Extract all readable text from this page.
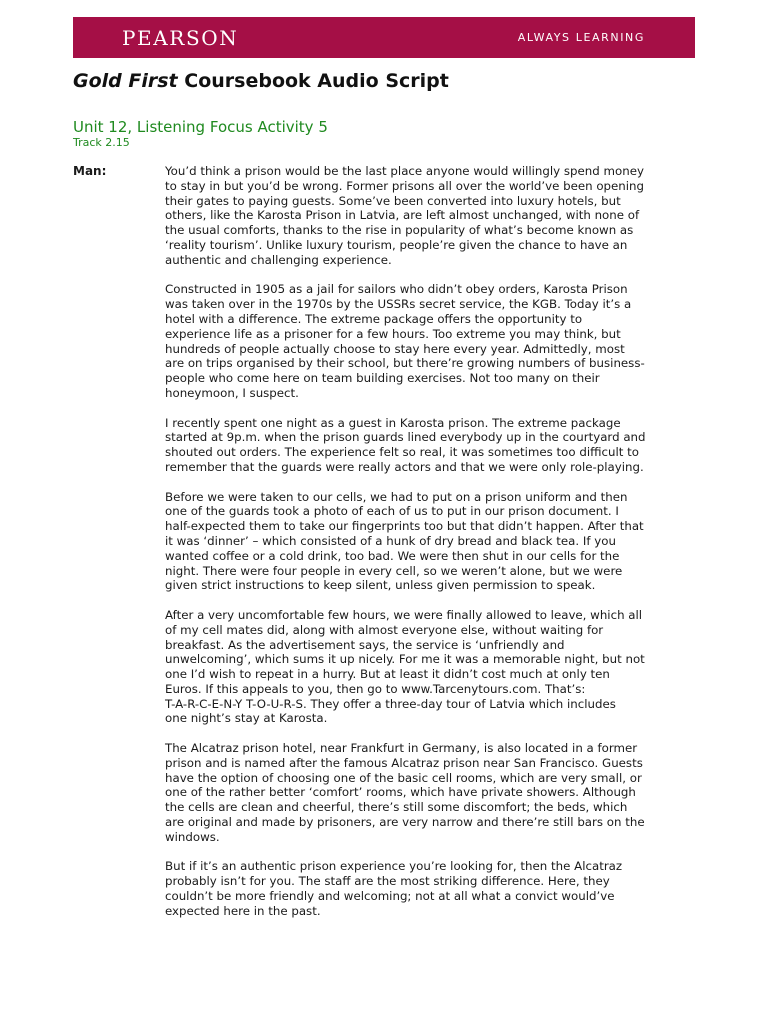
PEARSON	ALWAYS LEARNING
Gold First Coursebook Audio Script
Unit 12, Listening Focus Activity 5
Track 2.15
Man:	You’d think a prison would be the last place anyone would willingly spend money
to stay in but you’d be wrong. Former prisons all over the world’ve been opening
their gates to paying guests. Some’ve been converted into luxury hotels, but
others, like the Karosta Prison in Latvia, are left almost unchanged, with none of
the usual comforts, thanks to the rise in popularity of what’s become known as
‘reality tourism’. Unlike luxury tourism, people’re given the chance to have an
authentic and challenging experience.

Constructed in 1905 as a jail for sailors who didn’t obey orders, Karosta Prison
was taken over in the 1970s by the USSRs secret service, the KGB. Today it’s a
hotel with a difference. The extreme package offers the opportunity to
experience life as a prisoner for a few hours. Too extreme you may think, but
hundreds of people actually choose to stay here every year. Admittedly, most
are on trips organised by their school, but there’re growing numbers of business-
people who come here on team building exercises. Not too many on their
honeymoon, I suspect.

I recently spent one night as a guest in Karosta prison. The extreme package
started at 9p.m. when the prison guards lined everybody up in the courtyard and
shouted out orders. The experience felt so real, it was sometimes too difficult to
remember that the guards were really actors and that we were only role-playing.

Before we were taken to our cells, we had to put on a prison uniform and then
one of the guards took a photo of each of us to put in our prison document. I
half-expected them to take our fingerprints too but that didn’t happen. After that
it was ‘dinner’ – which consisted of a hunk of dry bread and black tea. If you
wanted coffee or a cold drink, too bad. We were then shut in our cells for the
night. There were four people in every cell, so we weren’t alone, but we were
given strict instructions to keep silent, unless given permission to speak.

After a very uncomfortable few hours, we were finally allowed to leave, which all
of my cell mates did, along with almost everyone else, without waiting for
breakfast. As the advertisement says, the service is ‘unfriendly and
unwelcoming’, which sums it up nicely. For me it was a memorable night, but not
one I’d wish to repeat in a hurry. But at least it didn’t cost much at only ten
Euros. If this appeals to you, then go to www.Tarcenytours.com. That’s:
T-A-R-C-E-N-Y T-O-U-R-S. They offer a three-day tour of Latvia which includes
one night’s stay at Karosta.

The Alcatraz prison hotel, near Frankfurt in Germany, is also located in a former
prison and is named after the famous Alcatraz prison near San Francisco. Guests
have the option of choosing one of the basic cell rooms, which are very small, or
one of the rather better ‘comfort’ rooms, which have private showers. Although
the cells are clean and cheerful, there’s still some discomfort; the beds, which
are original and made by prisoners, are very narrow and there’re still bars on the
windows.

But if it’s an authentic prison experience you’re looking for, then the Alcatraz
probably isn’t for you. The staff are the most striking difference. Here, they
couldn’t be more friendly and welcoming; not at all what a convict would’ve
expected here in the past.
